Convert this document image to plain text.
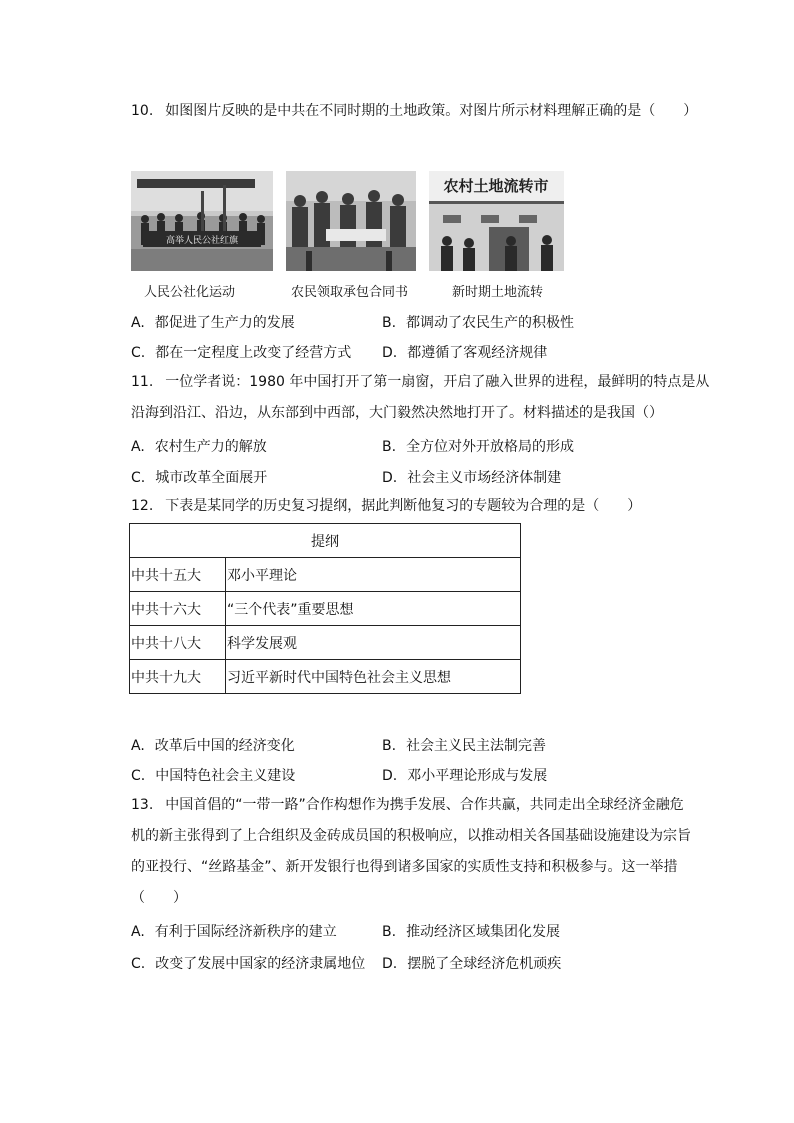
10. 如图图片反映的是中共在不同时期的土地政策。对图片所示材料理解正确的是（　　）
高举人民公社红旗
农村土地流转市
人民公社化运动	农民领取承包合同书	新时期土地流转
A. 都促进了生产力的发展	B. 都调动了农民生产的积极性
C. 都在一定程度上改变了经营方式 D. 都遵循了客观经济规律
11. 一位学者说：1980 年中国打开了第一扇窗，开启了融入世界的进程，最鲜明的特点是从
沿海到沿江、沿边，从东部到中西部，大门毅然决然地打开了。材料描述的是我国（）
A. 农村生产力的解放	B. 全方位对外开放格局的形成
C. 城市改革全面展开	D. 社会主义市场经济体制建
12. 下表是某同学的历史复习提纲，据此判断他复习的专题较为合理的是（　　）
提纲	
中共十五大	邓小平理论
中共十六大	“三个代表”重要思想
中共十八大	科学发展观
中共十九大	习近平新时代中国特色社会主义思想
A. 改革后中国的经济变化	B. 社会主义民主法制完善
C. 中国特色社会主义建设	D. 邓小平理论形成与发展
13. 中国首倡的“一带一路”合作构想作为携手发展、合作共赢，共同走出全球经济金融危
机的新主张得到了上合组织及金砖成员国的积极响应，以推动相关各国基础设施建设为宗旨
的亚投行、“丝路基金”、新开发银行也得到诸多国家的实质性支持和积极参与。这一举措
（　　）
A. 有利于国际经济新秩序的建立	B. 推动经济区域集团化发展
C. 改变了发展中国家的经济隶属地位 D. 摆脱了全球经济危机顽疾
